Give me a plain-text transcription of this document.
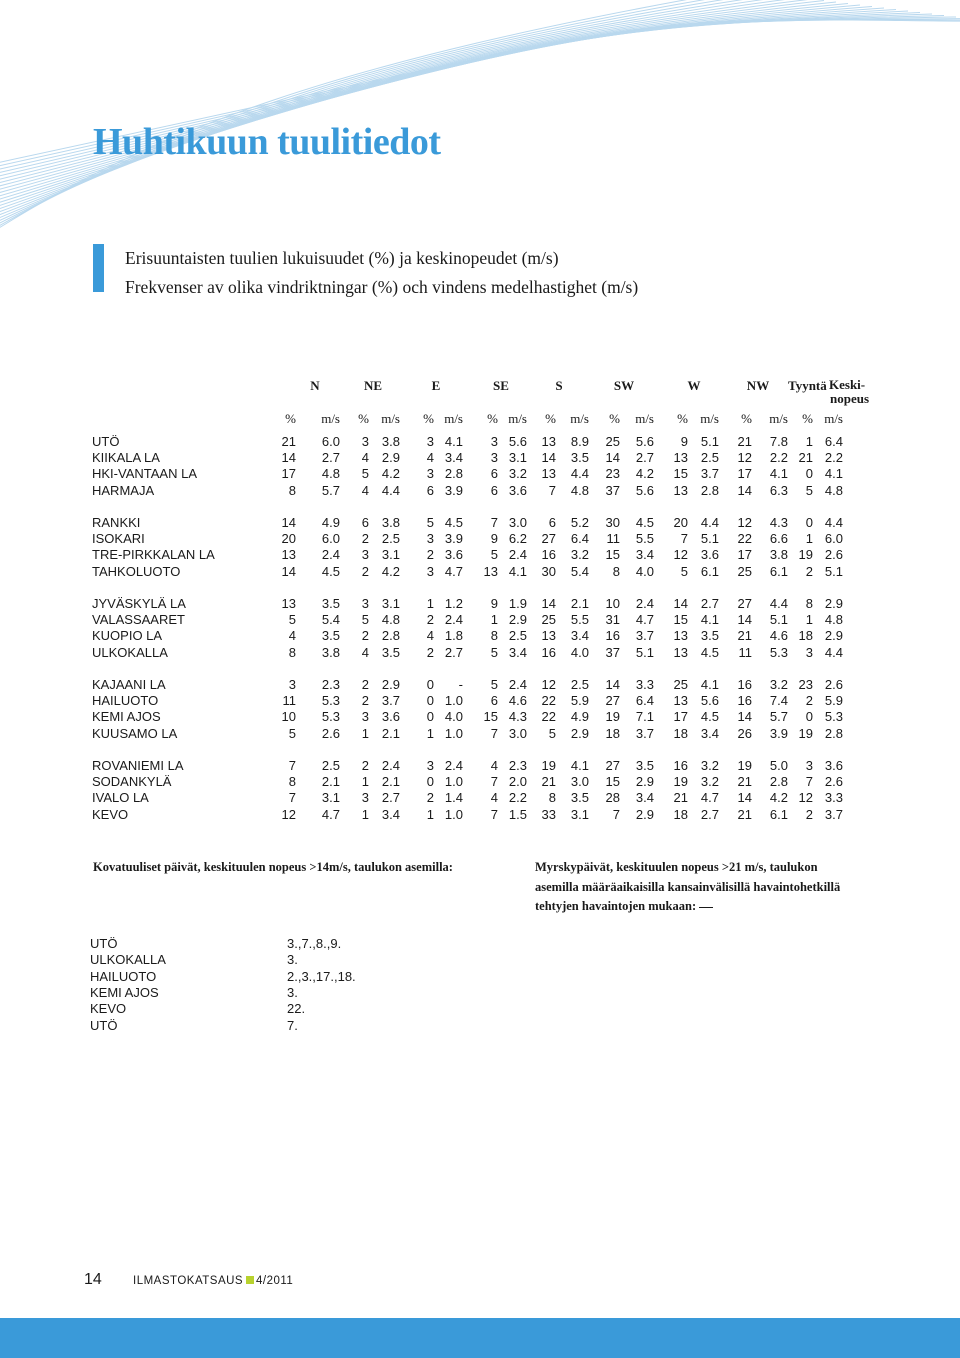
Huhtikuun tuulitiedot

Erisuuntaisten tuulien lukuisuudet (%) ja keskinopeudet (m/s)

Frekvenser av olika vindriktningar (%) och vindens medelhastighet (m/s)

N	NE	E	SE	S	SW	W	NW Tyyntä Keski-
nopeus
% m/s % m/s % m/s % m/s % m/s % m/s % m/s % m/s % m/s
UTÖ	21 6.0 3 3.8 3 4.1 3 5.6 13 8.9 25 5.6 9 5.1 21 7.8 1 6.4
KIIKALA LA	14 2.7 4 2.9 4 3.4 3 3.1 14 3.5 14 2.7 13 2.5 12 2.2 21 2.2
HKI-VANTAAN LA	17 4.8 5 4.2 3 2.8 6 3.2 13 4.4 23 4.2 15 3.7 17 4.1 0 4.1
HARMAJA	8 5.7 4 4.4 6 3.9 6 3.6 7 4.8 37 5.6 13 2.8 14 6.3 5 4.8
RANKKI	14 4.9 6 3.8 5 4.5 7 3.0 6 5.2 30 4.5 20 4.4 12 4.3 0 4.4
ISOKARI	20 6.0 2 2.5 3 3.9 9 6.2 27 6.4 11 5.5 7 5.1 22 6.6 1 6.0
TRE-PIRKKALAN LA	13 2.4 3 3.1 2 3.6 5 2.4 16 3.2 15 3.4 12 3.6 17 3.8 19 2.6
TAHKOLUOTO	14 4.5 2 4.2 3 4.7 13 4.1 30 5.4 8 4.0 5 6.1 25 6.1 2 5.1
JYVÄSKYLÄ LA	13 3.5 3 3.1 1 1.2 9 1.9 14 2.1 10 2.4 14 2.7 27 4.4 8 2.9
VALASSAARET	5 5.4 5 4.8 2 2.4 1 2.9 25 5.5 31 4.7 15 4.1 14 5.1 1 4.8
KUOPIO LA	4 3.5 2 2.8 4 1.8 8 2.5 13 3.4 16 3.7 13 3.5 21 4.6 18 2.9
ULKOKALLA	8 3.8 4 3.5 2 2.7 5 3.4 16 4.0 37 5.1 13 4.5 11 5.3 3 4.4
KAJAANI LA	3 2.3 2 2.9 0 - 5 2.4 12 2.5 14 3.3 25 4.1 16 3.2 23 2.6
HAILUOTO	11 5.3 2 3.7 0 1.0 6 4.6 22 5.9 27 6.4 13 5.6 16 7.4 2 5.9
KEMI AJOS	10 5.3 3 3.6 0 4.0 15 4.3 22 4.9 19 7.1 17 4.5 14 5.7 0 5.3
KUUSAMO LA	5 2.6 1 2.1 1 1.0 7 3.0 5 2.9 18 3.7 18 3.4 26 3.9 19 2.8
ROVANIEMI LA	7 2.5 2 2.4 3 2.4 4 2.3 19 4.1 27 3.5 16 3.2 19 5.0 3 3.6
SODANKYLÄ	8 2.1 1 2.1 0 1.0 7 2.0 21 3.0 15 2.9 19 3.2 21 2.8 7 2.6
IVALO LA	7 3.1 3 2.7 2 1.4 4 2.2 8 3.5 28 3.4 21 4.7 14 4.2 12 3.3
KEVO	12 4.7 1 3.4 1 1.0 7 1.5 33 3.1 7 2.9 18 2.7 21 6.1 2 3.7
Kovatuuliset päivät, keskituulen nopeus >14m/s, taulukon asemilla:	Myrskypäivät, keskituulen nopeus >21 m/s, taulukon
asemilla määräaikaisilla kansainvälisillä havaintohetkillä
tehtyjen havaintojen mukaan:
UTÖ	3.,7.,8.,9.
ULKOKALLA	3.
HAILUOTO	2.,3.,17.,18.
KEMI AJOS	3.
KEVO	22.
UTÖ	7.
14	ILMASTOKATSAUS 4/2011
